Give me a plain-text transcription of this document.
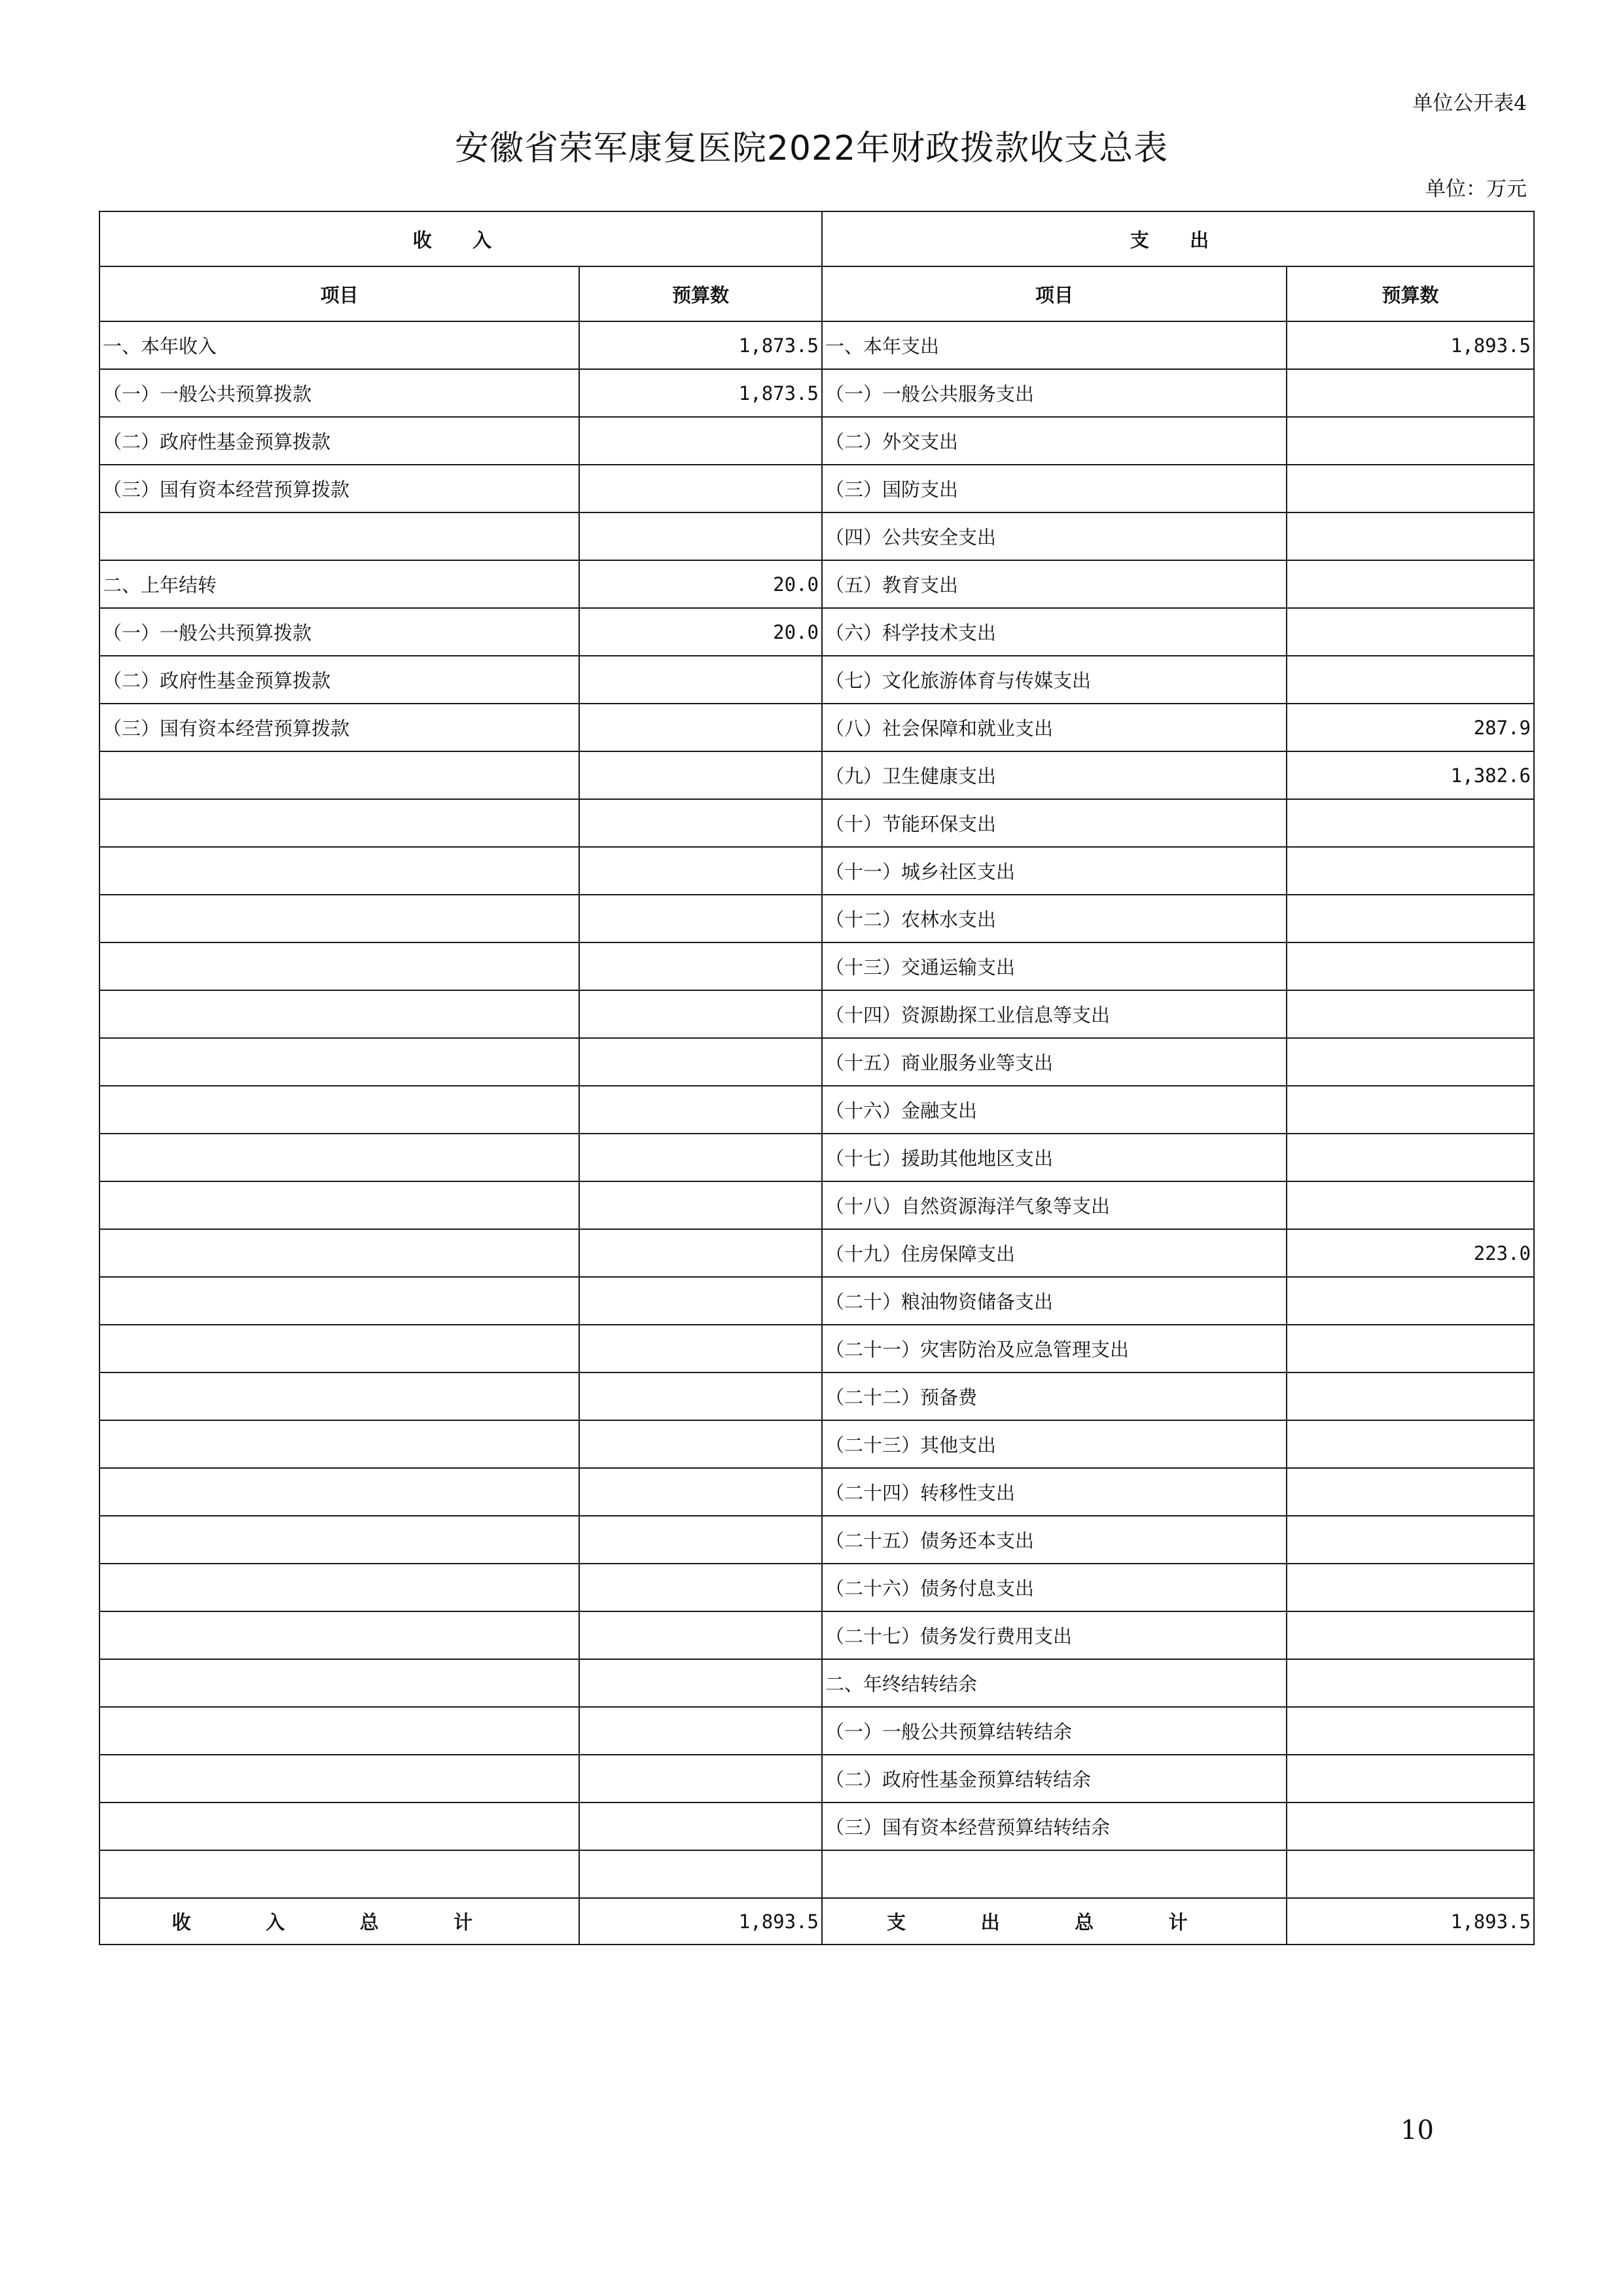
单位公开表4
安徽省荣军康复医院2022年财政拨款收支总表
单位：万元
收 入		支 出	
项目	预算数	项目	预算数
一、本年收入	1,873.5	一、本年支出	1,893.5
（一）一般公共预算拨款	1,873.5	（一）一般公共服务支出	
（二）政府性基金预算拨款		（二）外交支出	
（三）国有资本经营预算拨款		（三）国防支出	
		（四）公共安全支出	
二、上年结转	20.0	（五）教育支出	
（一）一般公共预算拨款	20.0	（六）科学技术支出	
（二）政府性基金预算拨款		（七）文化旅游体育与传媒支出	
（三）国有资本经营预算拨款		（八）社会保障和就业支出	287.9
		（九）卫生健康支出	1,382.6
		（十）节能环保支出	
		（十一）城乡社区支出	
		（十二）农林水支出	
		（十三）交通运输支出	
		（十四）资源勘探工业信息等支出	
		（十五）商业服务业等支出	
		（十六）金融支出	
		（十七）援助其他地区支出	
		（十八）自然资源海洋气象等支出	
		（十九）住房保障支出	223.0
		（二十）粮油物资储备支出	
		（二十一）灾害防治及应急管理支出	
		（二十二）预备费	
		（二十三）其他支出	
		（二十四）转移性支出	
		（二十五）债务还本支出	
		（二十六）债务付息支出	
		（二十七）债务发行费用支出	
		二、年终结转结余	
		（一）一般公共预算结转结余	
		（二）政府性基金预算结转结余	
		（三）国有资本经营预算结转结余	

收 入 总 计	1,893.5	支 出 总 计	1,893.5
10
